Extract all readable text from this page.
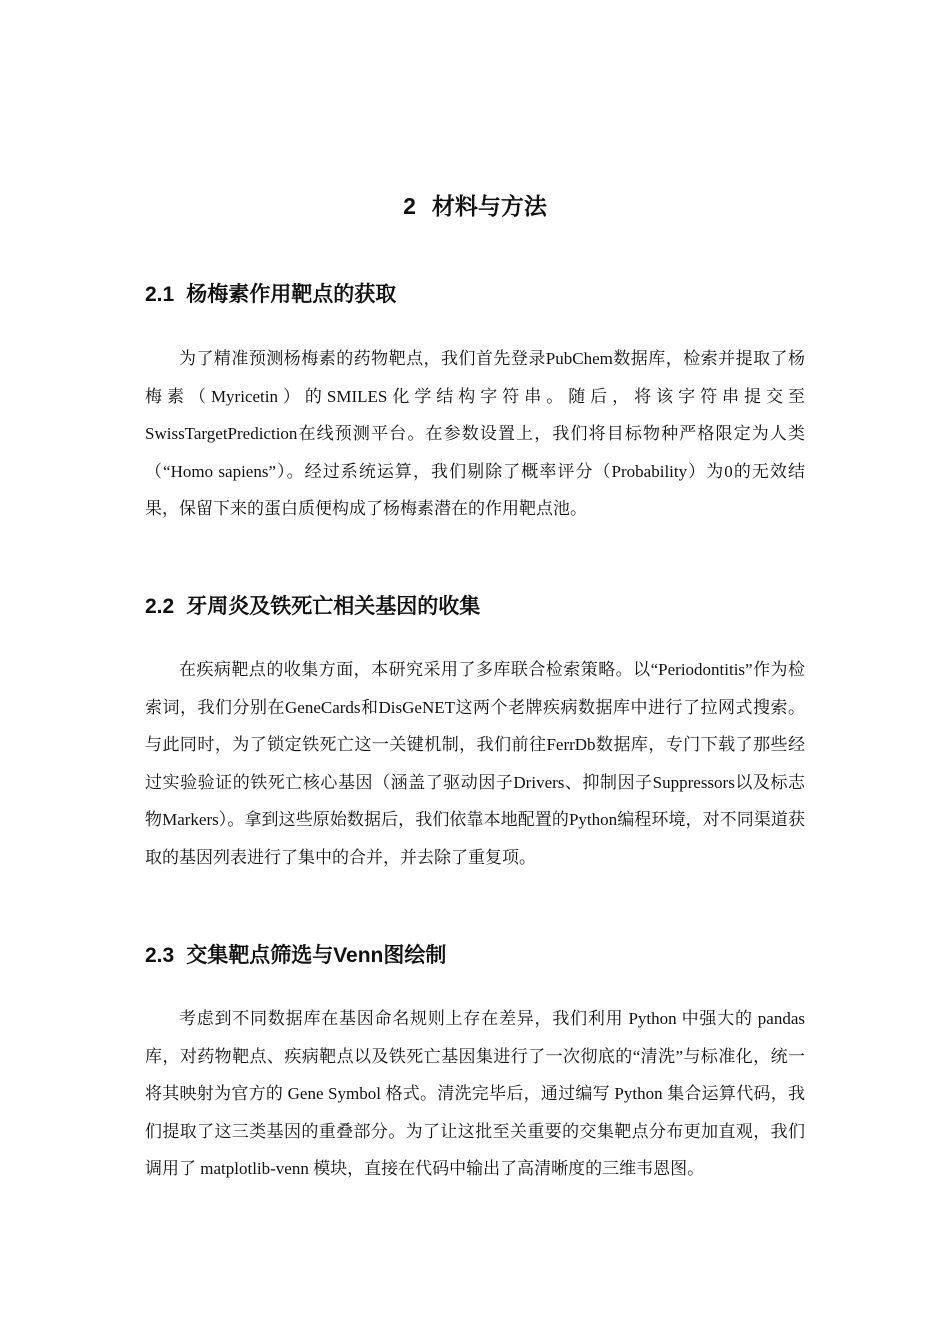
2 材料与方法
2.1 杨梅素作用靶点的获取

为了精准预测杨梅素的药物靶点，我们首先登录PubChem数据库，检索并提取了杨梅素（Myricetin）的SMILES化学结构字符串。随后，将该字符串提交至SwissTargetPrediction在线预测平台。在参数设置上，我们将目标物种严格限定为人类（“Homo sapiens”）。经过系统运算，我们剔除了概率评分（Probability）为0的无效结果，保留下来的蛋白质便构成了杨梅素潜在的作用靶点池。

2.2 牙周炎及铁死亡相关基因的收集

在疾病靶点的收集方面，本研究采用了多库联合检索策略。以“Periodontitis”作为检索词，我们分别在GeneCards和DisGeNET这两个老牌疾病数据库中进行了拉网式搜索。与此同时，为了锁定铁死亡这一关键机制，我们前往FerrDb数据库，专门下载了那些经过实验验证的铁死亡核心基因（涵盖了驱动因子Drivers、抑制因子Suppressors以及标志物Markers）。拿到这些原始数据后，我们依靠本地配置的Python编程环境，对不同渠道获取的基因列表进行了集中的合并，并去除了重复项。

2.3 交集靶点筛选与Venn图绘制

考虑到不同数据库在基因命名规则上存在差异，我们利用 Python 中强大的 pandas 库，对药物靶点、疾病靶点以及铁死亡基因集进行了一次彻底的“清洗”与标准化，统一将其映射为官方的 Gene Symbol 格式。清洗完毕后，通过编写 Python 集合运算代码，我们提取了这三类基因的重叠部分。为了让这批至关重要的交集靶点分布更加直观，我们调用了 matplotlib-venn 模块，直接在代码中输出了高清晰度的三维韦恩图。
